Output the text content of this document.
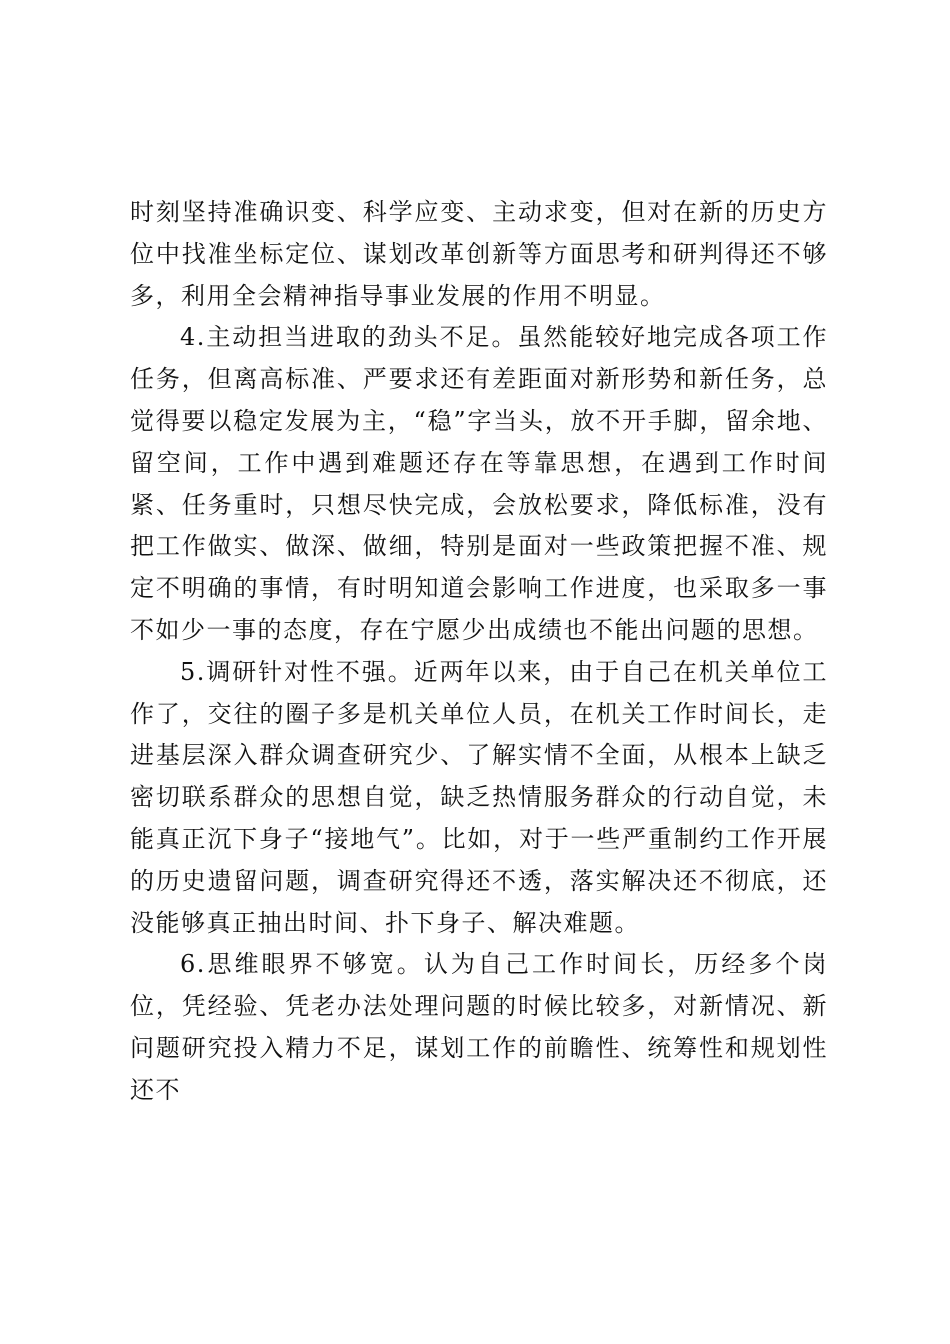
时刻坚持准确识变、科学应变、主动求变，但对在新的历史方位中找准坐标定位、谋划改革创新等方面思考和研判得还不够多，利用全会精神指导事业发展的作用不明显。

4.主动担当进取的劲头不足。虽然能较好地完成各项工作任务，但离高标准、严要求还有差距面对新形势和新任务，总觉得要以稳定发展为主，“稳”字当头，放不开手脚，留余地、留空间，工作中遇到难题还存在等靠思想，在遇到工作时间紧、任务重时，只想尽快完成，会放松要求，降低标准，没有把工作做实、做深、做细，特别是面对一些政策把握不准、规定不明确的事情，有时明知道会影响工作进度，也采取多一事不如少一事的态度，存在宁愿少出成绩也不能出问题的思想。

5.调研针对性不强。近两年以来，由于自己在机关单位工作了，交往的圈子多是机关单位人员，在机关工作时间长，走进基层深入群众调查研究少、了解实情不全面，从根本上缺乏密切联系群众的思想自觉，缺乏热情服务群众的行动自觉，未能真正沉下身子“接地气”。比如，对于一些严重制约工作开展的历史遗留问题，调查研究得还不透，落实解决还不彻底，还没能够真正抽出时间、扑下身子、解决难题。

6.思维眼界不够宽。认为自己工作时间长，历经多个岗位，凭经验、凭老办法处理问题的时候比较多，对新情况、新问题研究投入精力不足，谋划工作的前瞻性、统筹性和规划性还不
